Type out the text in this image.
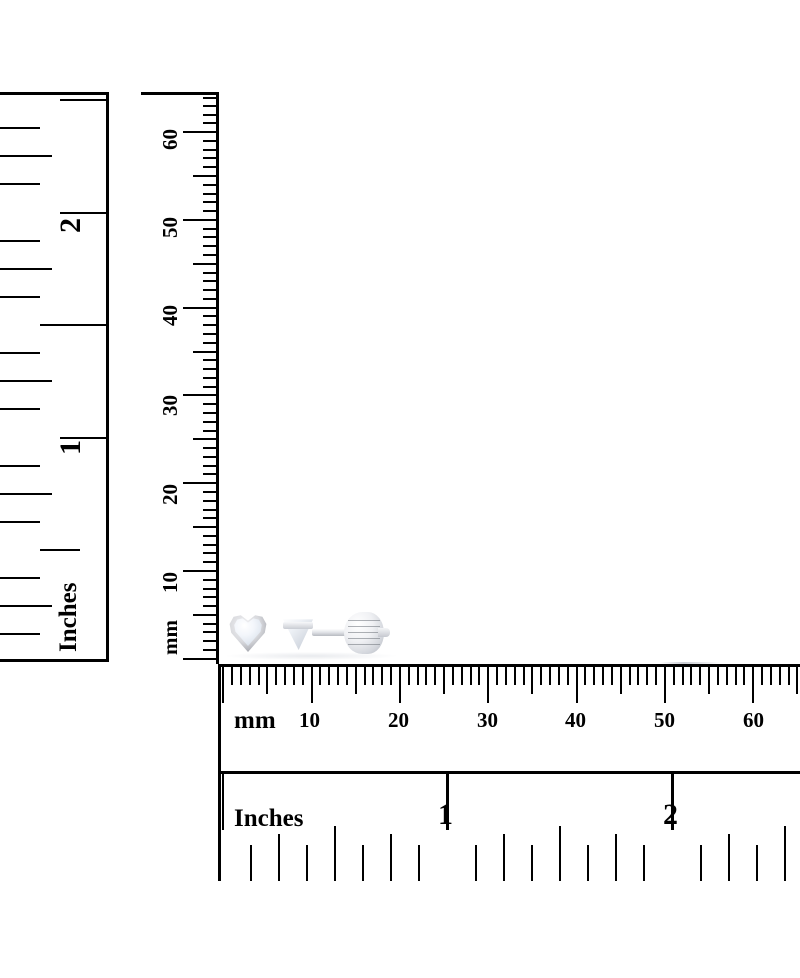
2
1
Inches
60
50
40
30
20
10
mm
mm 10	20	30	40	50	60
Inches	1	2
